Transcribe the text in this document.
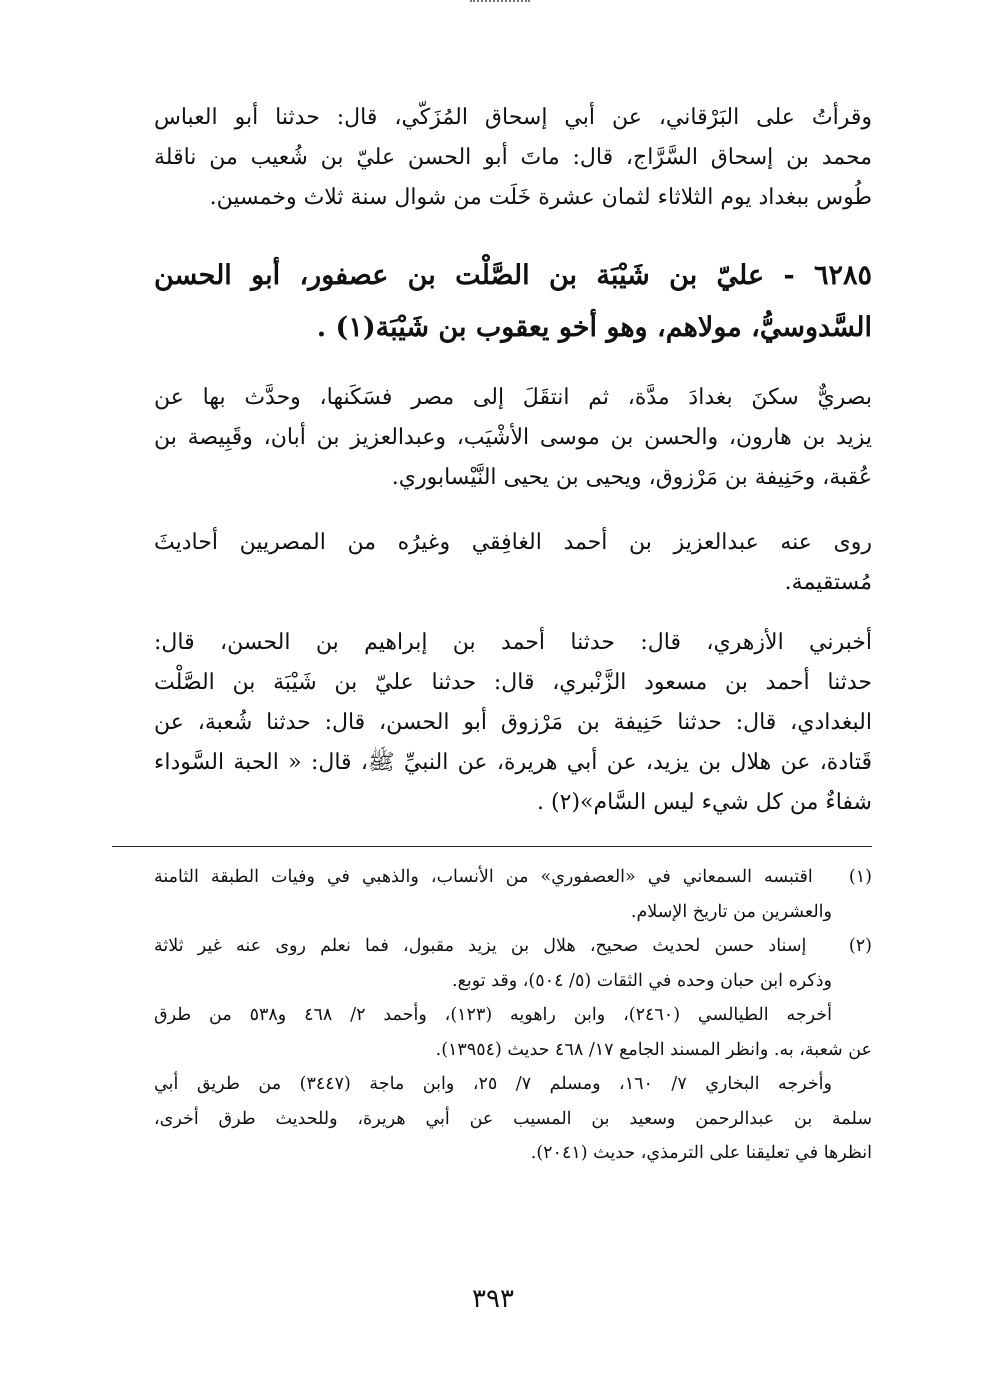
وقرأتُ على البَرْقاني، عن أبي إسحاق المُزَكّي، قال: حدثنا أبو العباس
محمد بن إسحاق السَّرَّاج، قال: ماتَ أبو الحسن عليّ بن شُعيب من ناقلة
طُوس ببغداد يوم الثلاثاء لثمان عشرة خَلَت من شوال سنة ثلاث وخمسين.
٦٢٨٥ - عليّ بن شَيْبَة بن الصَّلْت بن عصفور، أبو الحسن
السَّدوسيُّ، مولاهم، وهو أخو يعقوب بن شَيْبَة(١) .
بصريٌّ سكنَ بغدادَ مدَّة، ثم انتقَلَ إلى مصر فسَكَنها، وحدَّث بها عن
يزيد بن هارون، والحسن بن موسى الأشْيَب، وعبدالعزيز بن أبان، وقَبِيصة بن
عُقبة، وحَنِيفة بن مَرْزوق، ويحيى بن يحيى النَّيْسابوري.
روى عنه عبدالعزيز بن أحمد الغافِقي وغيرُه من المصريين أحاديثَ
مُستقيمة.
أخبرني الأزهري، قال: حدثنا أحمد بن إبراهيم بن الحسن، قال:
حدثنا أحمد بن مسعود الزَّنْبري، قال: حدثنا عليّ بن شَيْبَة بن الصَّلْت
البغدادي، قال: حدثنا حَنِيفة بن مَرْزوق أبو الحسن، قال: حدثنا شُعبة، عن
قَتادة، عن هلال بن يزيد، عن أبي هريرة، عن النبيِّ ﷺ، قال: « الحبة السَّوداء
شفاءٌ من كل شيء ليس السَّام»(٢) .
(١)   اقتبسه السمعاني في «العصفوري» من الأنساب، والذهبي في وفيات الطبقة الثامنة
والعشرين من تاريخ الإسلام.
(٢)   إسناد حسن لحديث صحيح، هلال بن يزيد مقبول، فما نعلم روى عنه غير ثلاثة
وذكره ابن حبان وحده في الثقات (٥/ ٥٠٤)، وقد توبع.
أخرجه الطيالسي (٢٤٦٠)، وابن راهويه (١٢٣)، وأحمد ٢/ ٤٦٨ و٥٣٨ من طرق
عن شعبة، به. وانظر المسند الجامع ١٧/ ٤٦٨ حديث (١٣٩٥٤).
وأخرجه البخاري ٧/ ١٦٠، ومسلم ٧/ ٢٥، وابن ماجة (٣٤٤٧) من طريق أبي
سلمة بن عبدالرحمن وسعيد بن المسيب عن أبي هريرة، وللحديث طرق أخرى،
انظرها في تعليقنا على الترمذي، حديث (٢٠٤١).
٣٩٣
